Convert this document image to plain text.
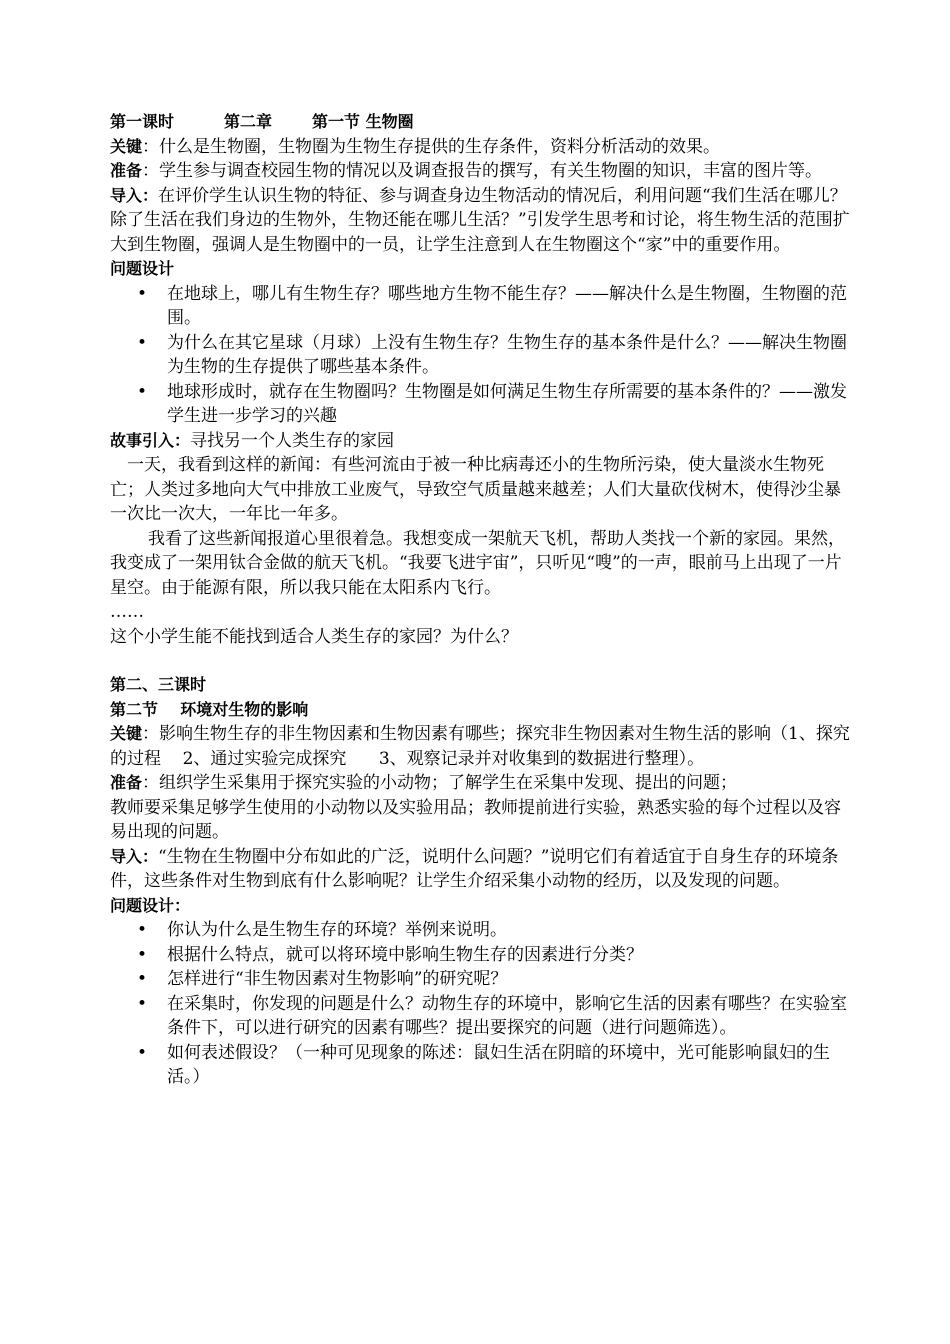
第一课时	第二章	第一节 生物圈

关键：什么是生物圈，生物圈为生物生存提供的生存条件，资料分析活动的效果。

准备：学生参与调查校园生物的情况以及调查报告的撰写，有关生物圈的知识，丰富的图片等。

导入：在评价学生认识生物的特征、参与调查身边生物活动的情况后，利用问题“我们生活在哪儿？除了生活在我们身边的生物外，生物还能在哪儿生活？”引发学生思考和讨论，将生物生活的范围扩大到生物圈，强调人是生物圈中的一员，让学生注意到人在生物圈这个“家”中的重要作用。

问题设计

• 在地球上，哪儿有生物生存？哪些地方生物不能生存？——解决什么是生物圈，生物圈的范围。
• 为什么在其它星球（月球）上没有生物生存？生物生存的基本条件是什么？——解决生物圈为生物的生存提供了哪些基本条件。
• 地球形成时，就存在生物圈吗？生物圈是如何满足生物生存所需要的基本条件的？——激发学生进一步学习的兴趣

故事引入：寻找另一个人类生存的家园

一天，我看到这样的新闻：有些河流由于被一种比病毒还小的生物所污染，使大量淡水生物死亡；人类过多地向大气中排放工业废气，导致空气质量越来越差；人们大量砍伐树木，使得沙尘暴一次比一次大，一年比一年多。

我看了这些新闻报道心里很着急。我想变成一架航天飞机，帮助人类找一个新的家园。果然，我变成了一架用钛合金做的航天飞机。“我要飞进宇宙”，只听见“嗖”的一声，眼前马上出现了一片星空。由于能源有限，所以我只能在太阳系内飞行。

……

这个小学生能不能找到适合人类生存的家园？为什么？

第二、三课时

第二节    环境对生物的影响

关键：影响生物生存的非生物因素和生物因素有哪些；探究非生物因素对生物生活的影响（1、探究的过程    2、通过实验完成探究      3、观察记录并对收集到的数据进行整理）。

准备：组织学生采集用于探究实验的小动物；了解学生在采集中发现、提出的问题；

教师要采集足够学生使用的小动物以及实验用品；教师提前进行实验，熟悉实验的每个过程以及容易出现的问题。

导入：“生物在生物圈中分布如此的广泛，说明什么问题？”说明它们有着适宜于自身生存的环境条件，这些条件对生物到底有什么影响呢？让学生介绍采集小动物的经历，以及发现的问题。

问题设计：

• 你认为什么是生物生存的环境？举例来说明。
• 根据什么特点，就可以将环境中影响生物生存的因素进行分类？
• 怎样进行“非生物因素对生物影响”的研究呢？
• 在采集时，你发现的问题是什么？动物生存的环境中，影响它生活的因素有哪些？在实验室条件下，可以进行研究的因素有哪些？提出要探究的问题（进行问题筛选）。
• 如何表述假设？（一种可见现象的陈述：鼠妇生活在阴暗的环境中，光可能影响鼠妇的生活。）
